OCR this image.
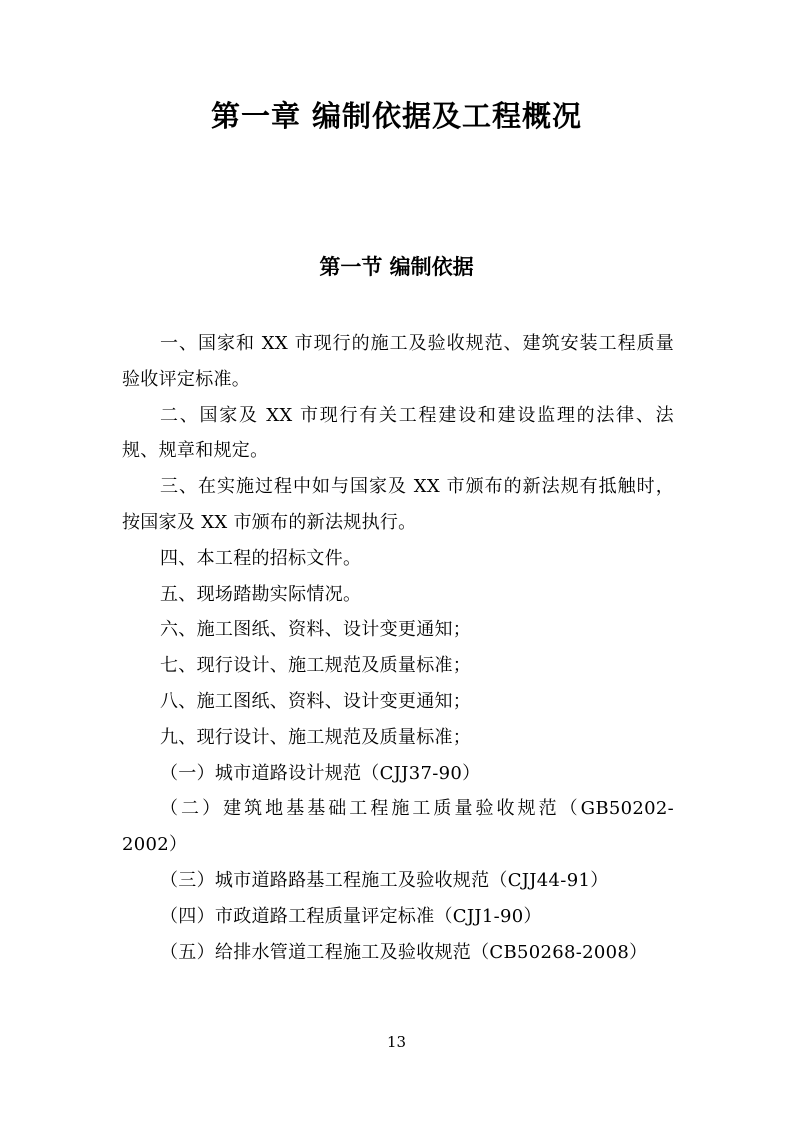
第一章 编制依据及工程概况
第一节 编制依据

一、国家和 XX 市现行的施工及验收规范、建筑安装工程质量验收评定标准。

二、国家及 XX 市现行有关工程建设和建设监理的法律、法规、规章和规定。

三、在实施过程中如与国家及 XX 市颁布的新法规有抵触时，按国家及 XX 市颁布的新法规执行。

四、本工程的招标文件。

五、现场踏勘实际情况。

六、施工图纸、资料、设计变更通知；

七、现行设计、施工规范及质量标准；

八、施工图纸、资料、设计变更通知；

九、现行设计、施工规范及质量标准；

（一）城市道路设计规范（CJJ37-90）

（二）建筑地基基础工程施工质量验收规范（GB50202-2002）

（三）城市道路路基工程施工及验收规范（CJJ44-91）

（四）市政道路工程质量评定标准（CJJ1-90）

（五）给排水管道工程施工及验收规范（CB50268-2008）

13
